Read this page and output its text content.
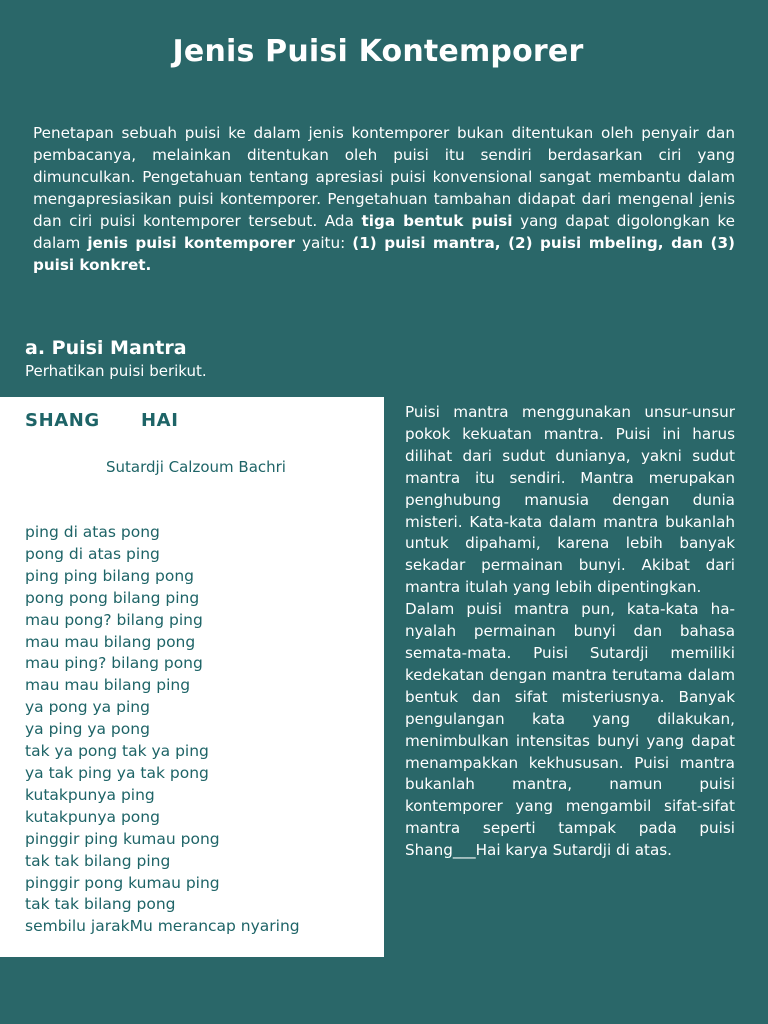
Jenis Puisi Kontemporer

Penetapan sebuah puisi ke dalam jenis kontemporer bukan ditentukan oleh penyair dan pembacanya, melainkan ditentukan oleh puisi itu sendiri berdasarkan ciri yang dimunculkan. Pengetahuan tentang apresiasi puisi konvensional sangat membantu dalam mengapresiasikan puisi kontemporer. Pengetahuan tambahan didapat dari mengenal jenis dan ciri puisi kontemporer tersebut. Ada tiga bentuk puisi yang dapat digolongkan ke dalam jenis puisi kontemporer yaitu: (1) puisi mantra, (2) puisi mbeling, dan (3) puisi konkret.

a. Puisi Mantra

Perhatikan puisi berikut.

SHANG      HAI
Sutardji Calzoum Bachri
ping di atas pong
pong di atas ping
ping ping bilang pong
pong pong bilang ping
mau pong? bilang ping
mau mau bilang pong
mau ping? bilang pong
mau mau bilang ping
ya pong ya ping
ya ping ya pong
tak ya pong tak ya ping
ya tak ping ya tak pong
kutakpunya ping
kutakpunya pong
pinggir ping kumau pong
tak tak bilang ping
pinggir pong kumau ping
tak tak bilang pong
sembilu jarakMu merancap nyaring

Puisi mantra menggunakan unsur-unsur pokok kekuatan mantra. Puisi ini harus dilihat dari sudut dunianya, yakni sudut mantra itu sendiri. Mantra merupakan penghubung manusia dengan dunia misteri. Kata-kata dalam mantra bukanlah untuk dipahami, karena lebih banyak sekadar permainan bunyi. Akibat dari mantra itulah yang lebih dipentingkan.

Dalam puisi mantra pun, kata-kata hanyalah permainan bunyi dan bahasa semata-mata. Puisi Sutardji memiliki kedekatan dengan mantra terutama dalam bentuk dan sifat misteriusnya. Banyak pengulangan kata yang dilakukan, menimbulkan intensitas bunyi yang dapat menampakkan kekhususan. Puisi mantra bukanlah mantra, namun puisi kontemporer yang mengambil sifat-sifat mantra seperti tampak pada puisi Shang___Hai karya Sutardji di atas.
